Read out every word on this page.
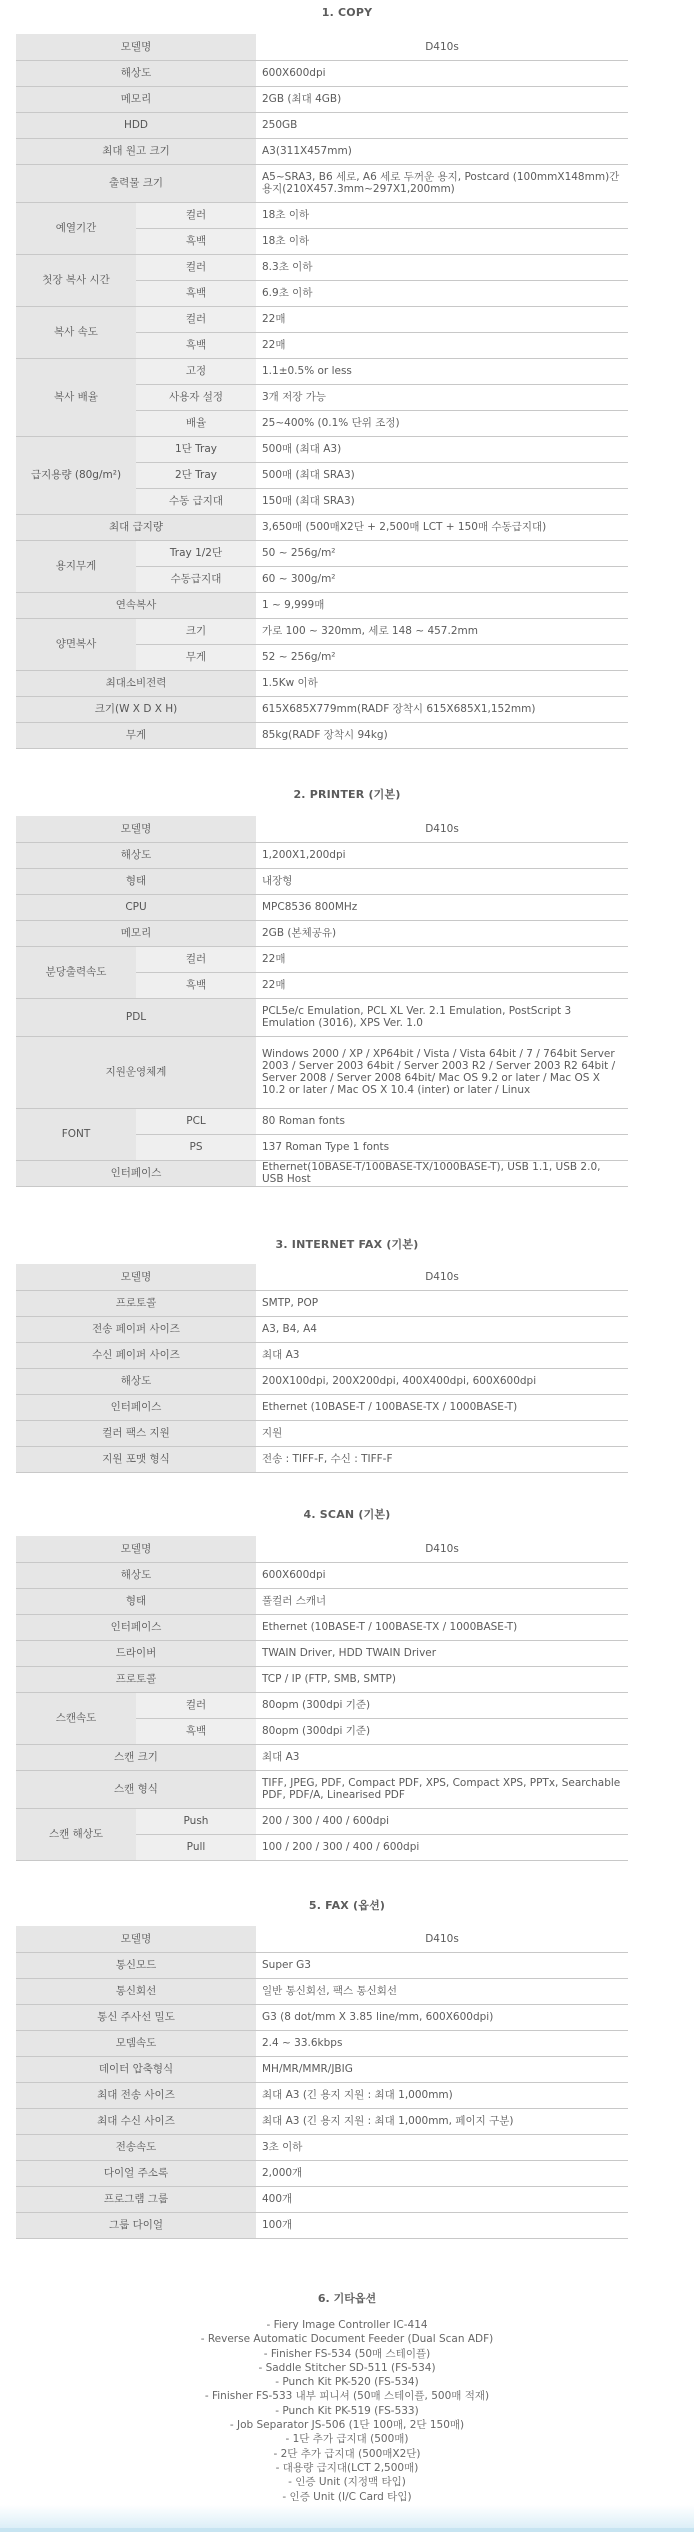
1. COPY
모델명		D410s
해상도		600X600dpi
메모리		2GB (최대 4GB)
HDD		250GB
최대 원고 크기		A3(311X457mm)
출력물 크기		A5~SRA3, B6 세로, A6 세로 두꺼운 용지, Postcard (100mmX148mm)간용지(210X457.3mm~297X1,200mm)
예열기간	컬러	18초 이하
	흑백	18초 이하
첫장 복사 시간	컬러	8.3초 이하
	흑백	6.9초 이하
복사 속도	컬러	22매
	흑백	22매
복사 배율	고정	1.1±0.5% or less
	사용자 설정	3개 저장 가능
	배율	25~400% (0.1% 단위 조정)
급지용량 (80g/m²)	1단 Tray	500매 (최대 A3)
	2단 Tray	500매 (최대 SRA3)
	수동 급지대	150매 (최대 SRA3)
최대 급지량		3,650매 (500매X2단 + 2,500매 LCT + 150매 수동급지대)
용지무게	Tray 1/2단	50 ~ 256g/m²
	수동급지대	60 ~ 300g/m²
연속복사		1 ~ 9,999매
양면복사	크기	가로 100 ~ 320mm, 세로 148 ~ 457.2mm
	무게	52 ~ 256g/m²
최대소비전력		1.5Kw 이하
크기(W X D X H)		615X685X779mm(RADF 장착시 615X685X1,152mm)
무게		85kg(RADF 장착시 94kg)
2. PRINTER (기본)
모델명		D410s
해상도		1,200X1,200dpi
형태		내장형
CPU		MPC8536 800MHz
메모리		2GB (본체공유)
분당출력속도	컬러	22매
	흑백	22매
PDL		PCL5e/c Emulation, PCL XL Ver. 2.1 Emulation, PostScript 3 Emulation (3016), XPS Ver. 1.0
지원운영체계		Windows 2000 / XP / XP64bit / Vista / Vista 64bit / 7 / 764bit Server 2003 / Server 2003 64bit / Server 2003 R2 / Server 2003 R2 64bit / Server 2008 / Server 2008 64bit/ Mac OS 9.2 or later / Mac OS X 10.2 or later / Mac OS X 10.4 (inter) or later / Linux
FONT	PCL	80 Roman fonts
	PS	137 Roman Type 1 fonts
인터페이스		Ethernet(10BASE-T/100BASE-TX/1000BASE-T), USB 1.1, USB 2.0, USB Host
3. INTERNET FAX (기본)
모델명	D410s
프로토콜	SMTP, POP
전송 페이퍼 사이즈	A3, B4, A4
수신 페이퍼 사이즈	최대 A3
해상도	200X100dpi, 200X200dpi, 400X400dpi, 600X600dpi
인터페이스	Ethernet (10BASE-T / 100BASE-TX / 1000BASE-T)
컬러 팩스 지원	지원
지원 포맷 형식	전송 : TIFF-F, 수신 : TIFF-F
4. SCAN (기본)
모델명		D410s
해상도		600X600dpi
형태		풀컬러 스캐너
인터페이스		Ethernet (10BASE-T / 100BASE-TX / 1000BASE-T)
드라이버		TWAIN Driver, HDD TWAIN Driver
프로토콜		TCP / IP (FTP, SMB, SMTP)
스캔속도	컬러	80opm (300dpi 기준)
	흑백	80opm (300dpi 기준)
스캔 크기		최대 A3
스캔 형식		TIFF, JPEG, PDF, Compact PDF, XPS, Compact XPS, PPTx, Searchable PDF, PDF/A, Linearised PDF
스캔 해상도	Push	200 / 300 / 400 / 600dpi
	Pull	100 / 200 / 300 / 400 / 600dpi
5. FAX (옵션)
모델명	D410s
통신모드	Super G3
통신회선	일반 통신회선, 팩스 통신회선
통신 주사선 밀도	G3 (8 dot/mm X 3.85 line/mm, 600X600dpi)
모뎀속도	2.4 ~ 33.6kbps
데이터 압축형식	MH/MR/MMR/JBIG
최대 전송 사이즈	최대 A3 (긴 용지 지원 : 최대 1,000mm)
최대 수신 사이즈	최대 A3 (긴 용지 지원 : 최대 1,000mm, 페이지 구분)
전송속도	3초 이하
다이얼 주소록	2,000개
프로그램 그룹	400개
그룹 다이얼	100개
6. 기타옵션
- Fiery Image Controller IC-414
- Reverse Automatic Document Feeder (Dual Scan ADF)
- Finisher FS-534 (50매 스테이플)
- Saddle Stitcher SD-511 (FS-534)
- Punch Kit PK-520 (FS-534)
- Finisher FS-533 내부 피니셔 (50매 스테이플, 500매 적재)
- Punch Kit PK-519 (FS-533)
- Job Separator JS-506 (1단 100매, 2단 150매)
- 1단 추가 급지대 (500매)
- 2단 추가 급지대 (500매X2단)
- 대용량 급지대(LCT 2,500매)
- 인증 Unit (지정맥 타입)
- 인증 Unit (I/C Card 타입)
